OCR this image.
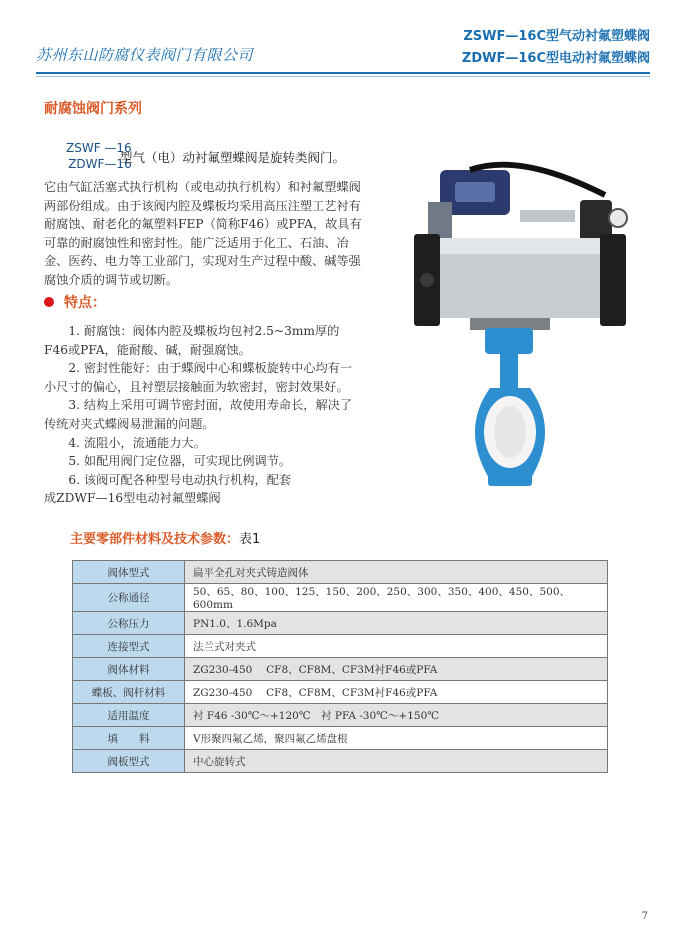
苏州东山防腐仪表阀门有限公司
ZSWF—16C型气动衬氟塑蝶阀
ZDWF—16C型电动衬氟塑蝶阀
耐腐蚀阀门系列
ZSWF —16
ZDWF—16
型气（电）动衬氟塑蝶阀是旋转类阀门。
它由气缸活塞式执行机构（或电动执行机构）和衬氟塑蝶阀两部份组成。由于该阀内腔及蝶板均采用高压注塑工艺衬有耐腐蚀、耐老化的氟塑料FEP（简称F46）或PFA，故具有可靠的耐腐蚀性和密封性。能广泛适用于化工、石油、冶金、医药、电力等工业部门，实现对生产过程中酸、碱等强腐蚀介质的调节或切断。
特点：

1. 耐腐蚀：阀体内腔及蝶板均包衬2.5~3mm厚的F46或PFA，能耐酸、碱，耐强腐蚀。

2. 密封性能好：由于蝶阀中心和蝶板旋转中心均有一小尺寸的偏心，且衬塑层接触面为软密封，密封效果好。

3. 结构上采用可调节密封面，故使用寿命长，解决了传统对夹式蝶阀易泄漏的问题。

4. 流阻小，流通能力大。

5. 如配用阀门定位器，可实现比例调节。

6. 该阀可配各种型号电动执行机构，配套

成ZDWF—16型电动衬氟塑蝶阀

主要零部件材料及技术参数：表1
阀体型式	扁平全孔对夹式铸造阀体
公称通径	50、65、80、100、125、150、200、250、300、350、400、450、500、600mm
公称压力	PN1.0、1.6Mpa
连接型式	法兰式对夹式
阀体材料	ZG230-450　 CF8、CF8M、CF3M衬F46或PFA
蝶板、阀杆材料	ZG230-450　 CF8、CF8M、CF3M衬F46或PFA
适用温度	衬 F46 -30℃～+120℃　衬 PFA -30℃～+150℃
填　　料	V形聚四氟乙烯，聚四氟乙烯盘根
阀板型式	中心旋转式
7
